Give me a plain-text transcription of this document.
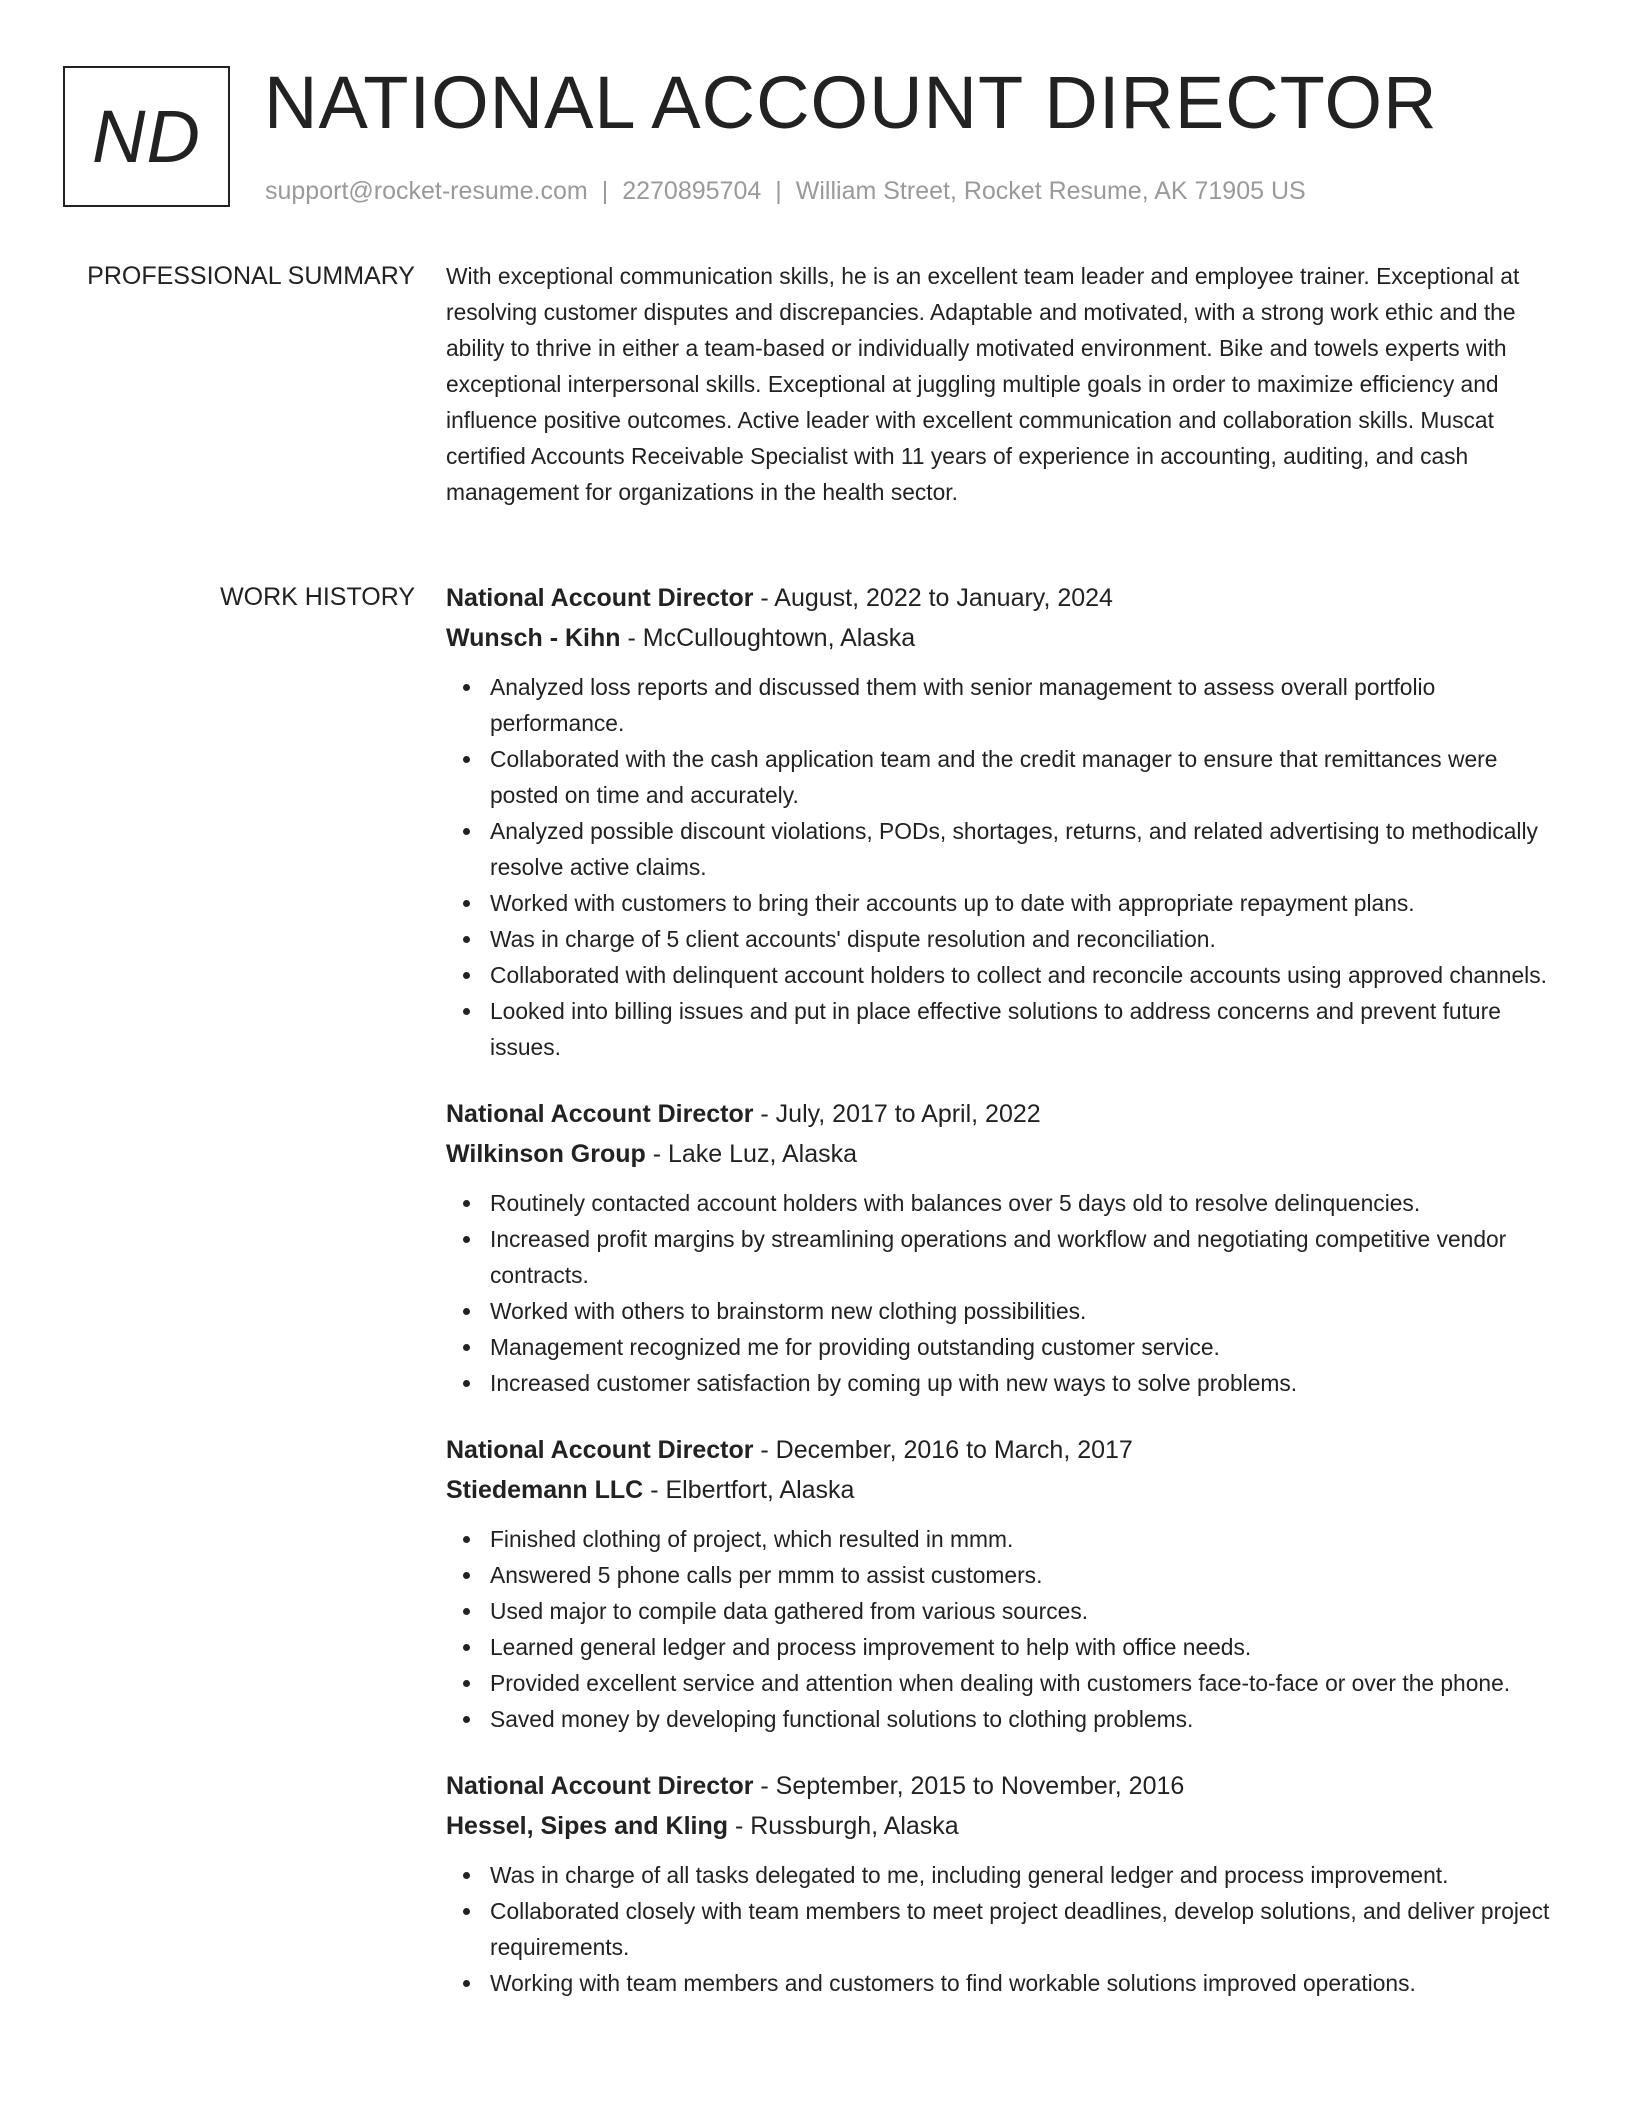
ND NATIONAL ACCOUNT DIRECTOR
support@rocket-resume.com | 2270895704 | William Street, Rocket Resume, AK 71905 US
PROFESSIONAL SUMMARY With exceptional communication skills, he is an excellent team leader and employee trainer. Exceptional at resolving customer disputes and discrepancies. Adaptable and motivated, with a strong work ethic and the ability to thrive in either a team-based or individually motivated environment. Bike and towels experts with exceptional interpersonal skills. Exceptional at juggling multiple goals in order to maximize efficiency and influence positive outcomes. Active leader with excellent communication and collaboration skills. Muscat certified Accounts Receivable Specialist with 11 years of experience in accounting, auditing, and cash management for organizations in the health sector.

WORK HISTORY National Account Director - August, 2022 to January, 2024
Wunsch - Kihn - McCulloughtown, Alaska
Analyzed loss reports and discussed them with senior management to assess overall portfolio performance.
Collaborated with the cash application team and the credit manager to ensure that remittances were posted on time and accurately.
Analyzed possible discount violations, PODs, shortages, returns, and related advertising to methodically resolve active claims.
Worked with customers to bring their accounts up to date with appropriate repayment plans.
Was in charge of 5 client accounts' dispute resolution and reconciliation.
Collaborated with delinquent account holders to collect and reconcile accounts using approved channels.
Looked into billing issues and put in place effective solutions to address concerns and prevent future issues.
National Account Director - July, 2017 to April, 2022
Wilkinson Group - Lake Luz, Alaska
Routinely contacted account holders with balances over 5 days old to resolve delinquencies.
Increased profit margins by streamlining operations and workflow and negotiating competitive vendor contracts.
Worked with others to brainstorm new clothing possibilities.
Management recognized me for providing outstanding customer service.
Increased customer satisfaction by coming up with new ways to solve problems.
National Account Director - December, 2016 to March, 2017
Stiedemann LLC - Elbertfort, Alaska
Finished clothing of project, which resulted in mmm.
Answered 5 phone calls per mmm to assist customers.
Used major to compile data gathered from various sources.
Learned general ledger and process improvement to help with office needs.
Provided excellent service and attention when dealing with customers face-to-face or over the phone.
Saved money by developing functional solutions to clothing problems.
National Account Director - September, 2015 to November, 2016
Hessel, Sipes and Kling - Russburgh, Alaska
Was in charge of all tasks delegated to me, including general ledger and process improvement.
Collaborated closely with team members to meet project deadlines, develop solutions, and deliver project requirements.
Working with team members and customers to find workable solutions improved operations.
